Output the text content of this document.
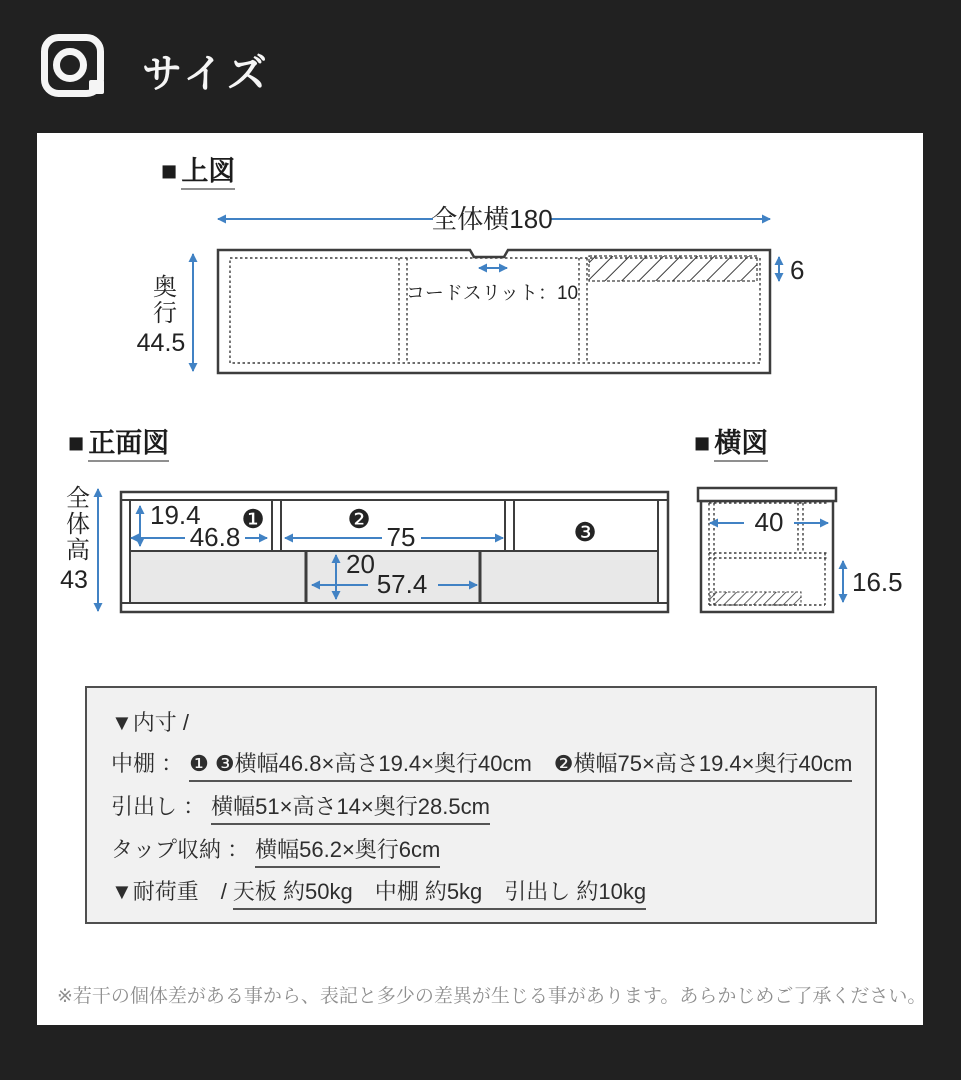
サイズ
■ 上図
奥行
44.5
全体横180
コードスリット：10
6
■ 正面図
全体高
43
❶	❷	❸
19.4
46.8	75
20
57.4
■ 横図
40
16.5
▼内寸 /
中棚 ： ❶ ❸横幅46.8×高さ19.4×奥行40cm　❷横幅75×高さ19.4×奥行40cm
引出し ： 横幅51×高さ14×奥行28.5cm
タップ収納 ： 横幅56.2×奥行6cm
▼耐荷重　/ 天板 約50kg　中棚 約5kg　引出し 約10kg
※若干の個体差がある事から、表記と多少の差異が生じる事があります。あらかじめご了承ください。
